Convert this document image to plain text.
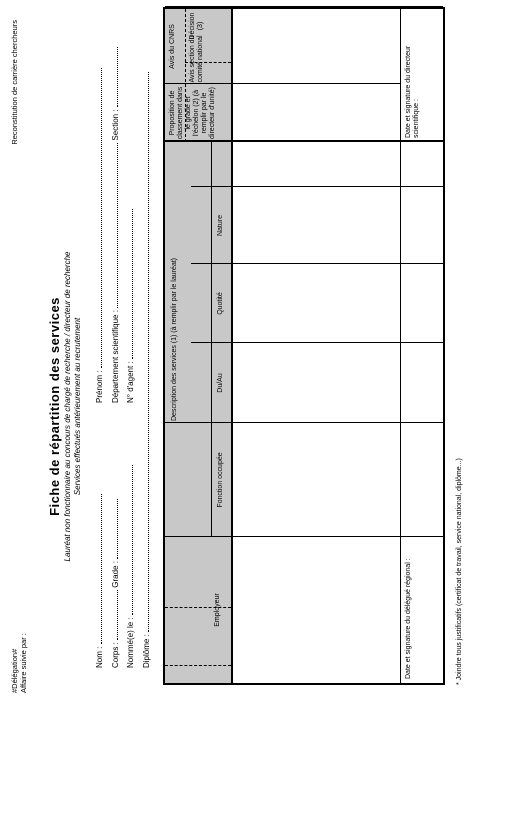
#Délégation# Affaire suivie par :
Reconstitution de carrière chercheurs
Fiche de répartition des services Lauréat non fonctionnaire au concours de chargé de recherche / directeur de recherche Services effectués antérieurement au recrutement
Nom :
Prénom :
Corps :  Grade :
Département scientifique :  Section :
Nommé(e) le :
N° d'agent :
Diplôme :
Employeur
Description des services (1) (à remplir par le lauréat)
Fonction occupée
Du/Au
Quotité
Nature
Proposition de classement dans le grade et l'échelon (2) (à remplir par le directeur d'unité)
Avis du CNRS Avis section du comité national
Décision (3)
Date et signature du délégué régional :
Date et signature du directeur scientifique :
* Joindre tous justificatifs (certificat de travail, service national, diplôme...)
